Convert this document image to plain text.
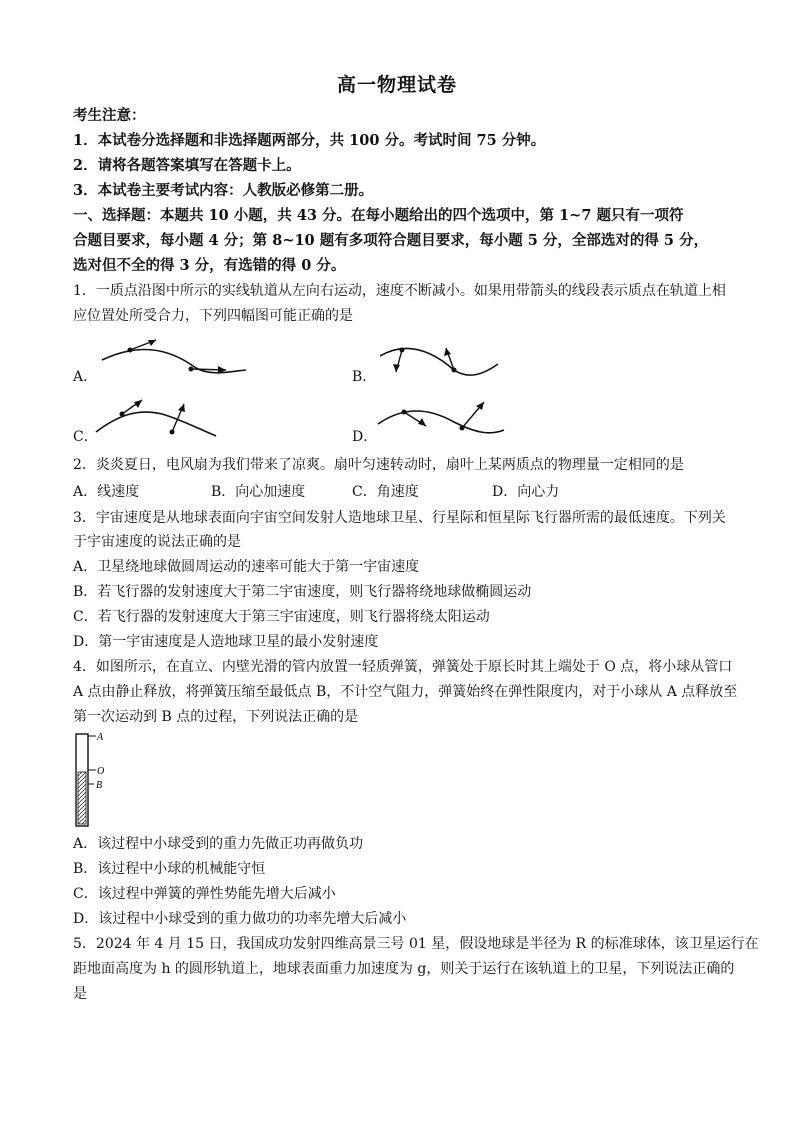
高一物理试卷
考生注意：
1．本试卷分选择题和非选择题两部分，共 100 分。考试时间 75 分钟。
2．请将各题答案填写在答题卡上。
3．本试卷主要考试内容：人教版必修第二册。
一、选择题：本题共 10 小题，共 43 分。在每小题给出的四个选项中，第 1~7 题只有一项符
合题目要求，每小题 4 分；第 8~10 题有多项符合题目要求，每小题 5 分，全部选对的得 5 分，
选对但不全的得 3 分，有选错的得 0 分。
1．一质点沿图中所示的实线轨道从左向右运动，速度不断减小。如果用带箭头的线段表示质点在轨道上相
应位置处所受合力，下列四幅图可能正确的是
A．	B．
C．	D．
2．炎炎夏日，电风扇为我们带来了凉爽。扇叶匀速转动时，扇叶上某两质点的物理量一定相同的是
A．线速度	B．向心加速度	C．角速度	D．向心力
3．宇宙速度是从地球表面向宇宙空间发射人造地球卫星、行星际和恒星际飞行器所需的最低速度。下列关
于宇宙速度的说法正确的是
A．卫星绕地球做圆周运动的速率可能大于第一宇宙速度
B．若飞行器的发射速度大于第二宇宙速度，则飞行器将绕地球做椭圆运动
C．若飞行器的发射速度大于第三宇宙速度，则飞行器将绕太阳运动
D．第一宇宙速度是人造地球卫星的最小发射速度
4．如图所示，在直立、内壁光滑的管内放置一轻质弹簧，弹簧处于原长时其上端处于 O 点，将小球从管口
A 点由静止释放，将弹簧压缩至最低点 B，不计空气阻力，弹簧始终在弹性限度内，对于小球从 A 点释放至
第一次运动到 B 点的过程，下列说法正确的是
A
O
B
A．该过程中小球受到的重力先做正功再做负功
B．该过程中小球的机械能守恒
C．该过程中弹簧的弹性势能先增大后减小
D．该过程中小球受到的重力做功的功率先增大后减小
5．2024 年 4 月 15 日，我国成功发射四维高景三号 01 星，假设地球是半径为 R 的标准球体，该卫星运行在
距地面高度为 h 的圆形轨道上，地球表面重力加速度为 g，则关于运行在该轨道上的卫星，下列说法正确的
是
